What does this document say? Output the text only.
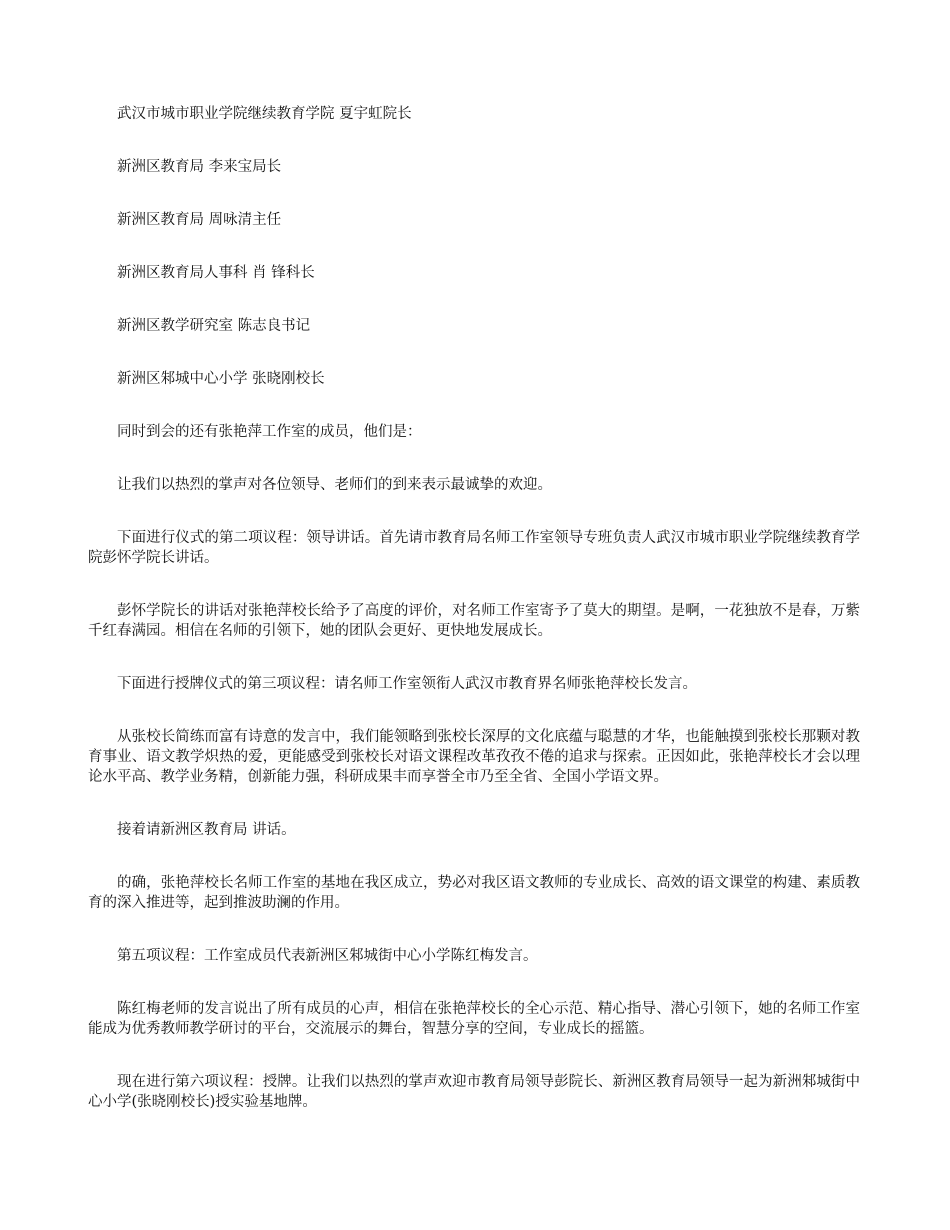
武汉市城市职业学院继续教育学院 夏宇虹院长

新洲区教育局 李来宝局长

新洲区教育局 周咏清主任

新洲区教育局人事科 肖 锋科长

新洲区教学研究室 陈志良书记

新洲区邾城中心小学 张晓刚校长

同时到会的还有张艳萍工作室的成员，他们是：

让我们以热烈的掌声对各位领导、老师们的到来表示最诚挚的欢迎。

下面进行仪式的第二项议程：领导讲话。首先请市教育局名师工作室领导专班负责人武汉市城市职业学院继续教育学院彭怀学院长讲话。

彭怀学院长的讲话对张艳萍校长给予了高度的评价，对名师工作室寄予了莫大的期望。是啊，一花独放不是春，万紫千红春满园。相信在名师的引领下，她的团队会更好、更快地发展成长。

下面进行授牌仪式的第三项议程：请名师工作室领衔人武汉市教育界名师张艳萍校长发言。

从张校长简练而富有诗意的发言中，我们能领略到张校长深厚的文化底蕴与聪慧的才华，也能触摸到张校长那颗对教育事业、语文教学炽热的爱，更能感受到张校长对语文课程改革孜孜不倦的追求与探索。正因如此，张艳萍校长才会以理论水平高、教学业务精，创新能力强，科研成果丰而享誉全市乃至全省、全国小学语文界。

接着请新洲区教育局 讲话。

的确，张艳萍校长名师工作室的基地在我区成立，势必对我区语文教师的专业成长、高效的语文课堂的构建、素质教育的深入推进等，起到推波助澜的作用。

第五项议程：工作室成员代表新洲区邾城街中心小学陈红梅发言。

陈红梅老师的发言说出了所有成员的心声，相信在张艳萍校长的全心示范、精心指导、潜心引领下，她的名师工作室能成为优秀教师教学研讨的平台，交流展示的舞台，智慧分享的空间，专业成长的摇篮。

现在进行第六项议程：授牌。让我们以热烈的掌声欢迎市教育局领导彭院长、新洲区教育局领导一起为新洲邾城街中心小学(张晓刚校长)授实验基地牌。
